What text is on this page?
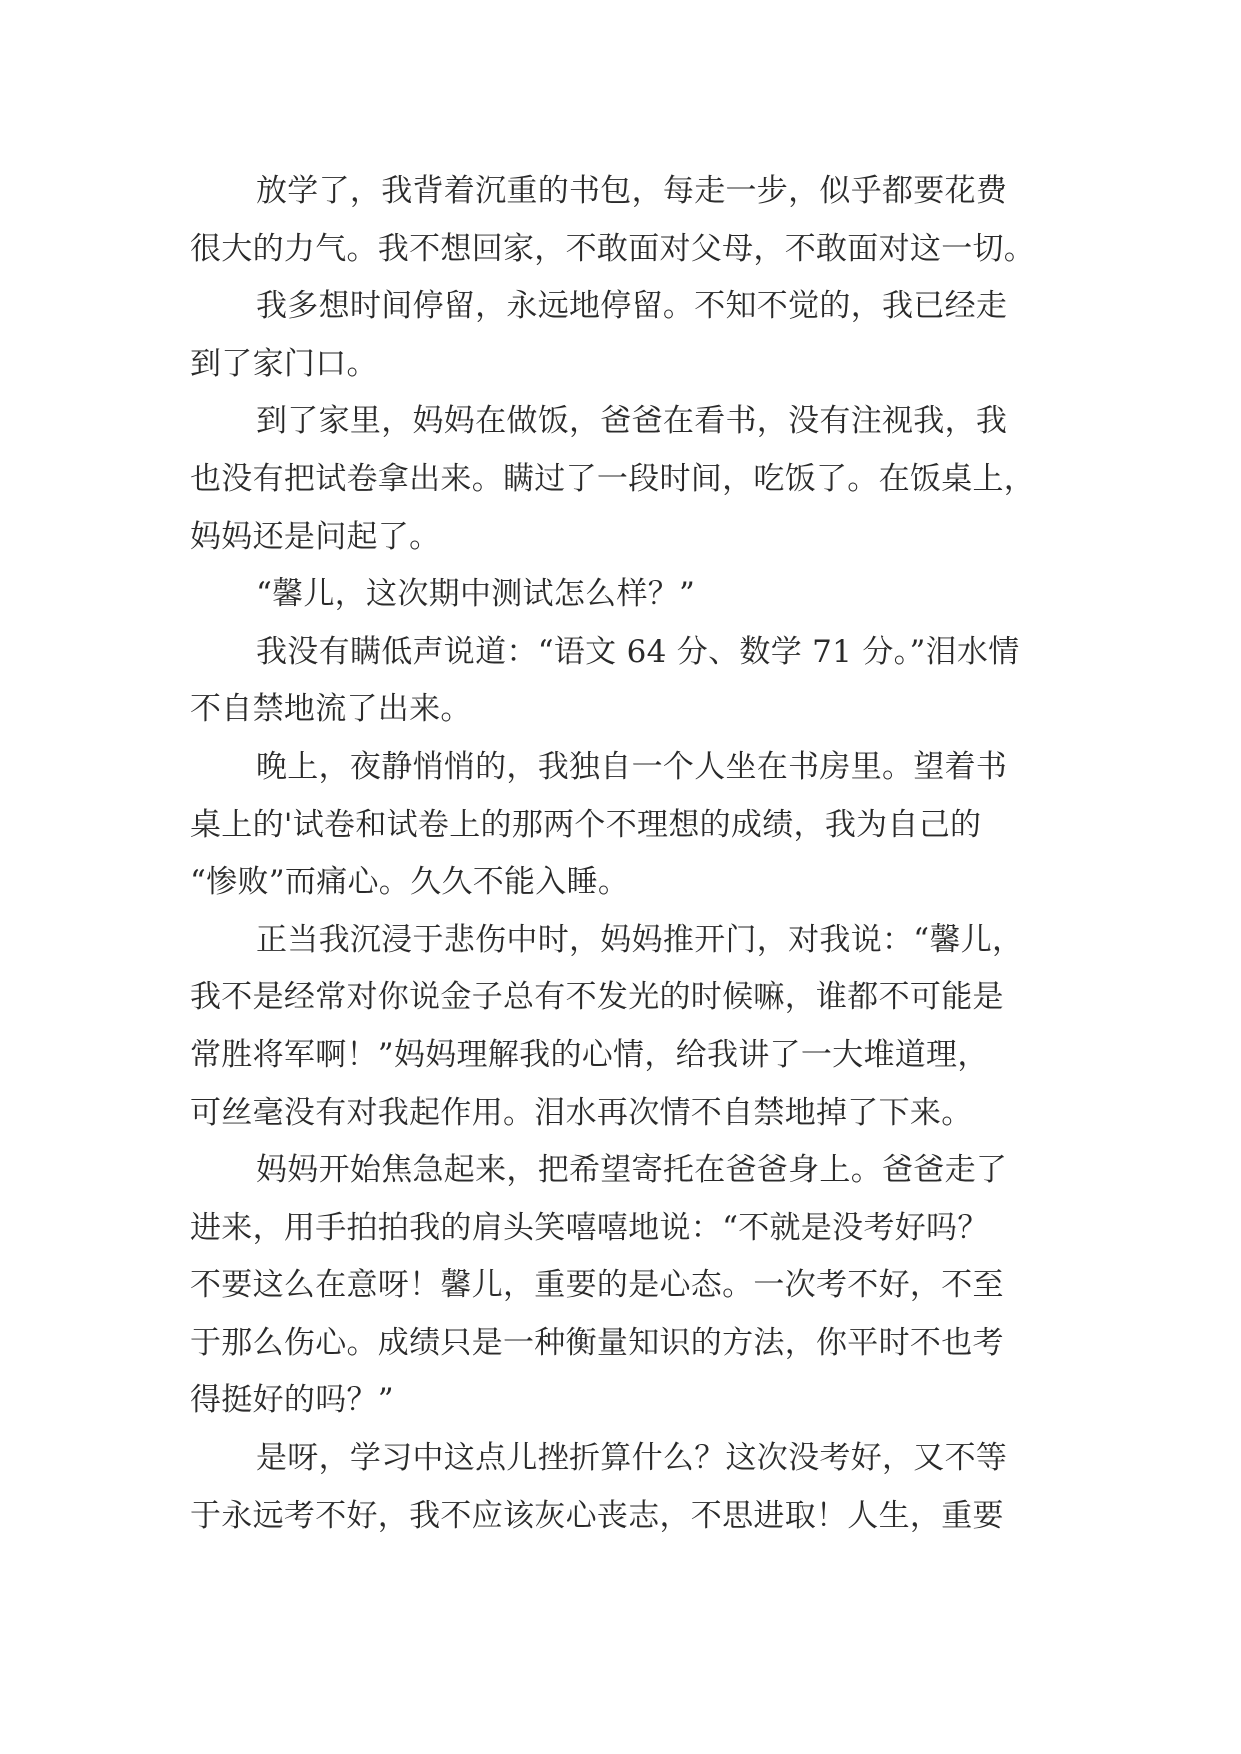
放学了，我背着沉重的书包，每走一步，似乎都要花费
很大的力气。我不想回家，不敢面对父母，不敢面对这一切。

我多想时间停留，永远地停留。不知不觉的，我已经走
到了家门口。

到了家里，妈妈在做饭，爸爸在看书，没有注视我，我
也没有把试卷拿出来。瞒过了一段时间，吃饭了。在饭桌上，
妈妈还是问起了。

“馨儿，这次期中测试怎么样？”

我没有瞒低声说道：“语文 64 分、数学 71 分。”泪水情
不自禁地流了出来。

晚上，夜静悄悄的，我独自一个人坐在书房里。望着书
桌上的'试卷和试卷上的那两个不理想的成绩，我为自己的
“惨败”而痛心。久久不能入睡。

正当我沉浸于悲伤中时，妈妈推开门，对我说：“馨儿，
我不是经常对你说金子总有不发光的时候嘛，谁都不可能是
常胜将军啊！”妈妈理解我的心情，给我讲了一大堆道理，
可丝毫没有对我起作用。泪水再次情不自禁地掉了下来。

妈妈开始焦急起来，把希望寄托在爸爸身上。爸爸走了
进来，用手拍拍我的肩头笑嘻嘻地说：“不就是没考好吗？
不要这么在意呀！馨儿，重要的是心态。一次考不好，不至
于那么伤心。成绩只是一种衡量知识的方法，你平时不也考
得挺好的吗？”

是呀，学习中这点儿挫折算什么？这次没考好，又不等
于永远考不好，我不应该灰心丧志，不思进取！人生，重要
